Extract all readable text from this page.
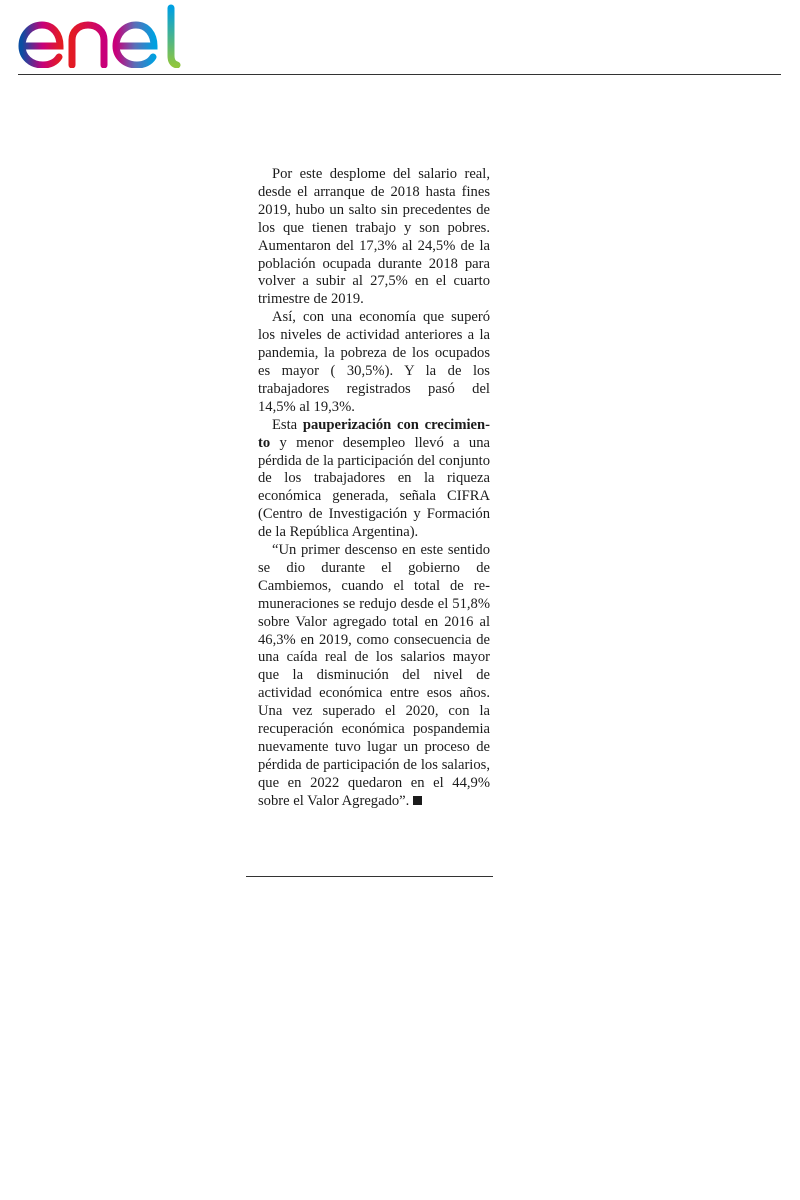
Por este desplome del salario real, desde el arranque de 2018 hasta fines 2019, hubo un salto sin precedentes de los que tienen trabajo y son pobres. Aumentaron del 17,3% al 24,5% de la población ocupada durante 2018 para volver a subir al 27,5% en el cuarto trimestre de 2019.

Así, con una economía que superó los niveles de actividad anteriores a la pandemia, la pobreza de los ocupados es mayor ( 30,5%). Y la de los trabajadores registrados pasó del 14,5% al 19,3%.

Esta pauperización con crecimiento y menor desempleo llevó a una pérdida de la participación del conjunto de los trabajadores en la riqueza económica generada, señala CIFRA (Centro de Investigación y Formación de la República Argentina).

“Un primer descenso en este sentido se dio durante el gobierno de Cambiemos, cuando el total de remuneraciones se redujo desde el 51,8% sobre Valor agregado total en 2016 al 46,3% en 2019, como consecuencia de una caída real de los salarios mayor que la disminución del nivel de actividad económica entre esos años. Una vez superado el 2020, con la recuperación económica pospandemia nuevamente tuvo lugar un proceso de pérdida de participación de los salarios, que en 2022 quedaron en el 44,9% sobre el Valor Agregado”.
